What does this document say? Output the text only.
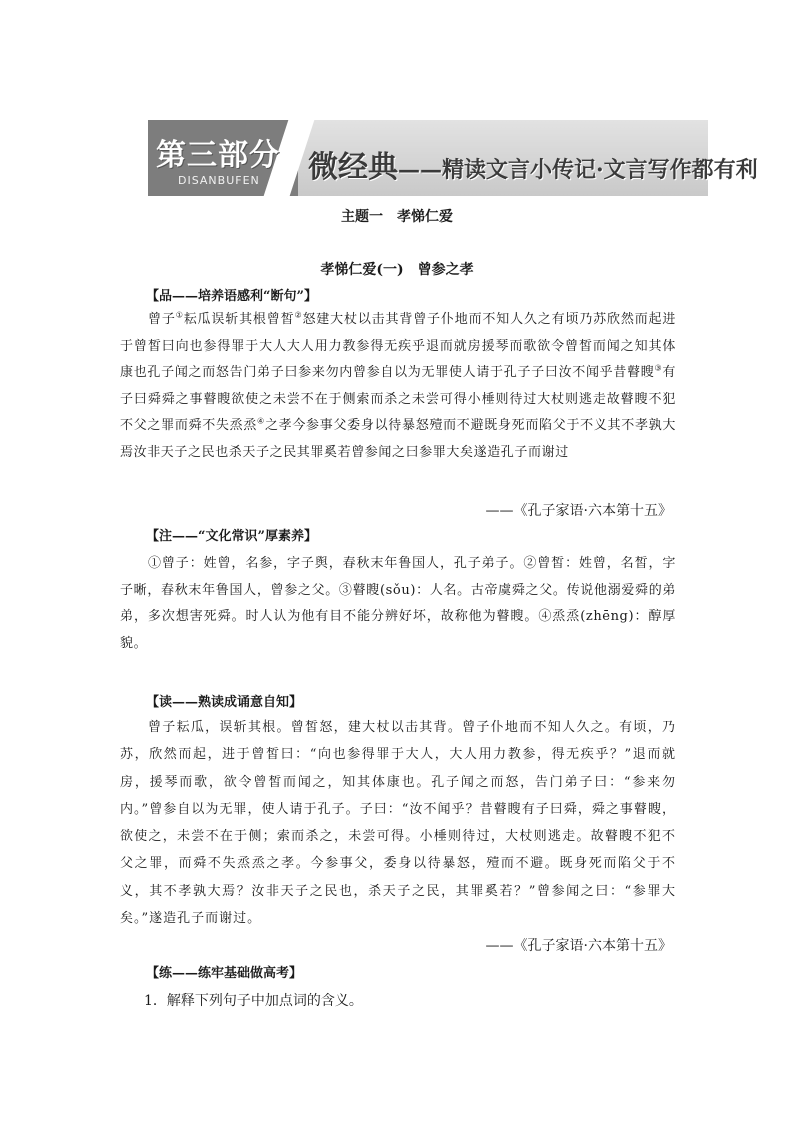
第三部分
DISANBUFEN 微经典——精读文言小传记·文言写作都有利
主题一　孝悌仁爱
孝悌仁爱(一)　曾参之孝
【品——培养语感利“断句”】

曾子①耘瓜误斩其根曾皙②怒建大杖以击其背曾子仆地而不知人久之有顷乃苏欣然而起进于曾皙曰向也参得罪于大人大人用力教参得无疾乎退而就房援琴而歌欲令曾皙而闻之知其体康也孔子闻之而怒告门弟子曰参来勿内曾参自以为无罪使人请于孔子子曰汝不闻乎昔瞽瞍③有子曰舜舜之事瞽瞍欲使之未尝不在于侧索而杀之未尝可得小棰则待过大杖则逃走故瞽瞍不犯不父之罪而舜不失烝烝④之孝今参事父委身以待暴怒殪而不避既身死而陷父于不义其不孝孰大焉汝非天子之民也杀天子之民其罪奚若曾参闻之曰参罪大矣遂造孔子而谢过

——《孔子家语·六本第十五》
【注——“文化常识”厚素养】

①曾子：姓曾，名参，字子舆，春秋末年鲁国人，孔子弟子。②曾皙：姓曾，名皙，字子晰，春秋末年鲁国人，曾参之父。③瞽瞍(sǒu)：人名。古帝虞舜之父。传说他溺爱舜的弟弟，多次想害死舜。时人认为他有目不能分辨好坏，故称他为瞽瞍。④烝烝(zhēng)：醇厚貌。

【读——熟读成诵意自知】

曾子耘瓜，误斩其根。曾皙怒，建大杖以击其背。曾子仆地而不知人久之。有顷，乃苏，欣然而起，进于曾皙曰：“向也参得罪于大人，大人用力教参，得无疾乎？”退而就房，援琴而歌，欲令曾皙而闻之，知其体康也。孔子闻之而怒，告门弟子曰：“参来勿内。”曾参自以为无罪，使人请于孔子。子曰：“汝不闻乎？昔瞽瞍有子曰舜，舜之事瞽瞍，欲使之，未尝不在于侧；索而杀之，未尝可得。小棰则待过，大杖则逃走。故瞽瞍不犯不父之罪，而舜不失烝烝之孝。今参事父，委身以待暴怒，殪而不避。既身死而陷父于不义，其不孝孰大焉？汝非天子之民也，杀天子之民，其罪奚若？”曾参闻之曰：“参罪大矣。”遂造孔子而谢过。

——《孔子家语·六本第十五》
【练——练牢基础做高考】
1．解释下列句子中加点词的含义。
